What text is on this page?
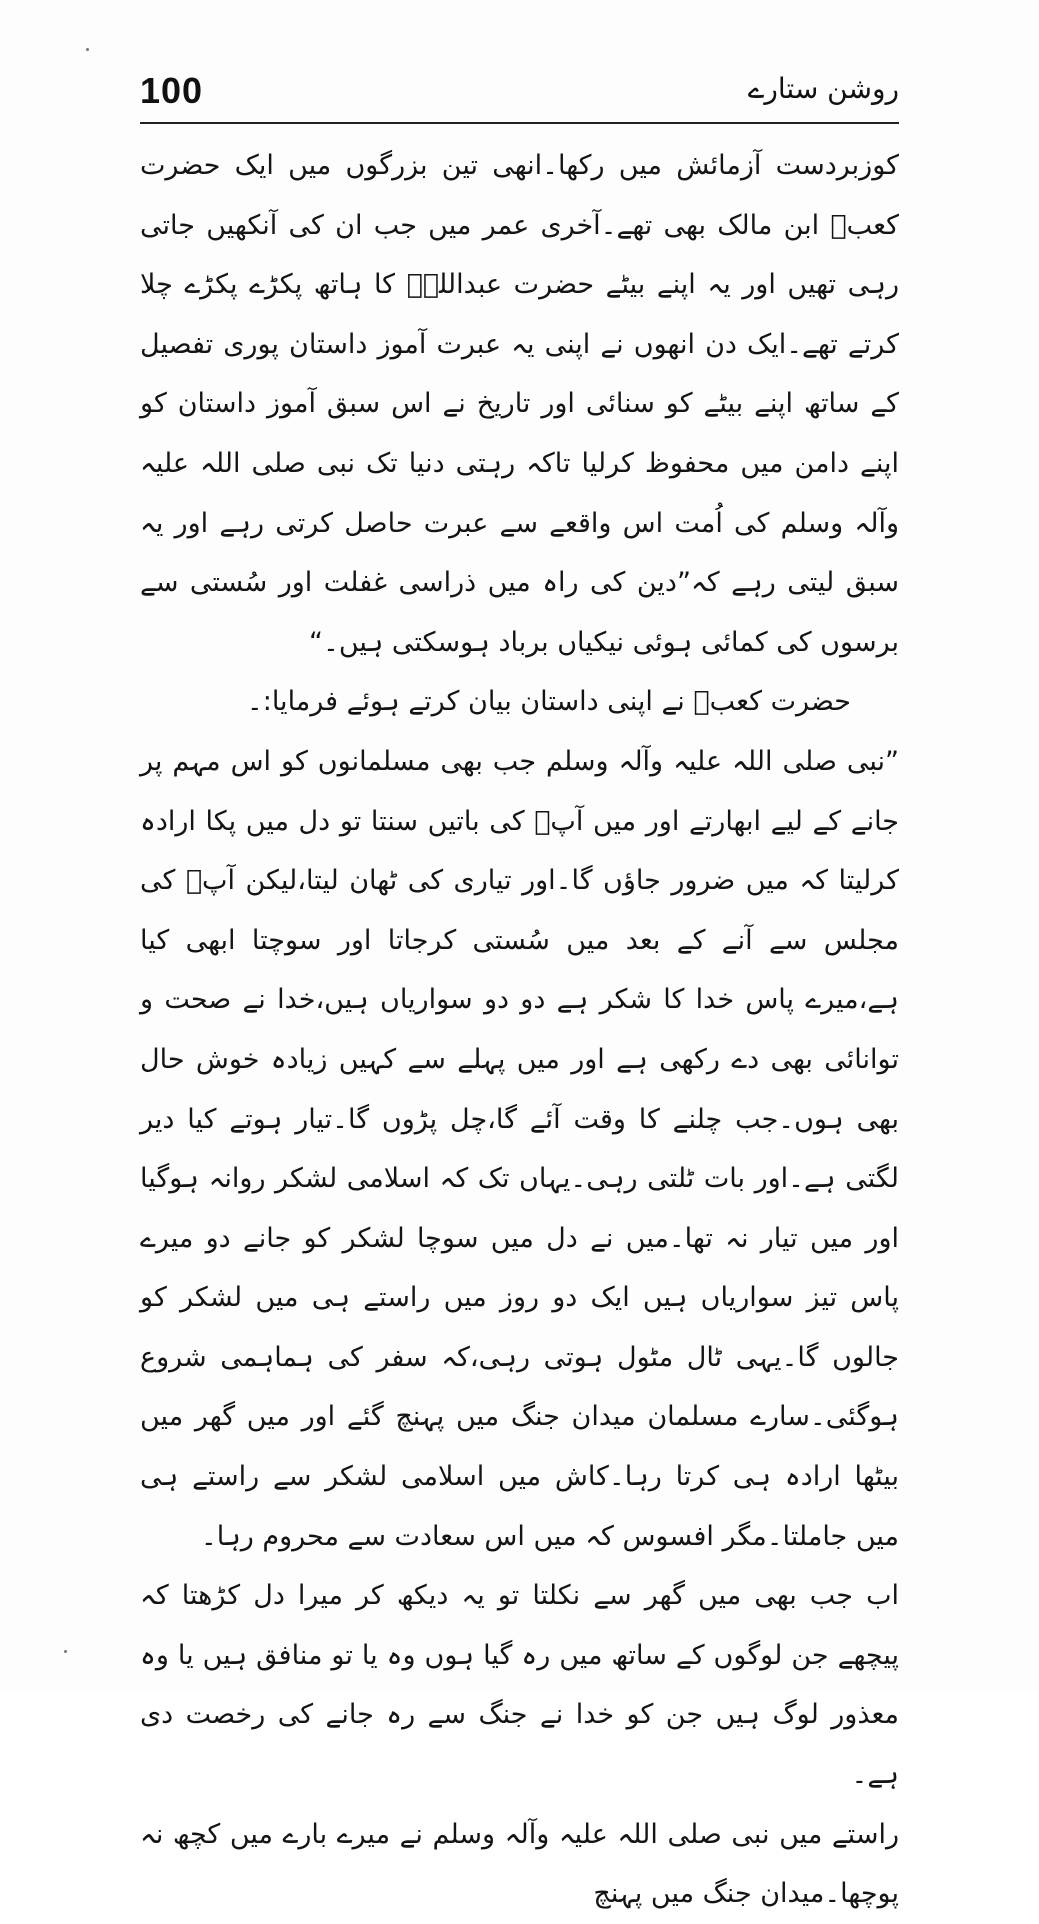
100	روشن ستارے

کوزبردست آزمائش میں رکھا۔انھی تین بزرگوں میں ایک حضرت کعبؓ ابن مالک بھی تھے۔آخری عمر میں جب ان کی آنکھیں جاتی رہی تھیں اور یہ اپنے بیٹے حضرت عبداللہؓ کا ہاتھ پکڑے پکڑے چلا کرتے تھے۔ایک دن انھوں نے اپنی یہ عبرت آموز داستان پوری تفصیل کے ساتھ اپنے بیٹے کو سنائی اور تاریخ نے اس سبق آموز داستان کو اپنے دامن میں محفوظ کرلیا تاکہ رہتی دنیا تک نبی صلی اللہ علیہ وآلہ وسلم کی اُمت اس واقعے سے عبرت حاصل کرتی رہے اور یہ سبق لیتی رہے کہ”دین کی راہ میں ذراسی غفلت اور سُستی سے برسوں کی کمائی ہوئی نیکیاں برباد ہوسکتی ہیں۔“

حضرت کعبؓ نے اپنی داستان بیان کرتے ہوئے فرمایا:۔

”نبی صلی اللہ علیہ وآلہ وسلم جب بھی مسلمانوں کو اس مہم پر جانے کے لیے ابھارتے اور میں آپؐ کی باتیں سنتا تو دل میں پکا ارادہ کرلیتا کہ میں ضرور جاؤں گا۔اور تیاری کی ٹھان لیتا،لیکن آپؐ کی مجلس سے آنے کے بعد میں سُستی کرجاتا اور سوچتا ابھی کیا ہے،میرے پاس خدا کا شکر ہے دو دو سواریاں ہیں،خدا نے صحت و توانائی بھی دے رکھی ہے اور میں پہلے سے کہیں زیادہ خوش حال بھی ہوں۔جب چلنے کا وقت آئے گا،چل پڑوں گا۔تیار ہوتے کیا دیر لگتی ہے۔اور بات ٹلتی رہی۔یہاں تک کہ اسلامی لشکر روانہ ہوگیا اور میں تیار نہ تھا۔میں نے دل میں سوچا لشکر کو جانے دو میرے پاس تیز سواریاں ہیں ایک دو روز میں راستے ہی میں لشکر کو جالوں گا۔یہی ٹال مٹول ہوتی رہی،کہ سفر کی ہماہمی شروع ہوگئی۔سارے مسلمان میدان جنگ میں پہنچ گئے اور میں گھر میں بیٹھا ارادہ ہی کرتا رہا۔کاش میں اسلامی لشکر سے راستے ہی میں جاملتا۔مگر افسوس کہ میں اس سعادت سے محروم رہا۔

اب جب بھی میں گھر سے نکلتا تو یہ دیکھ کر میرا دل کڑھتا کہ پیچھے جن لوگوں کے ساتھ میں رہ گیا ہوں وہ یا تو منافق ہیں یا وہ معذور لوگ ہیں جن کو خدا نے جنگ سے رہ جانے کی رخصت دی ہے۔

راستے میں نبی صلی اللہ علیہ وآلہ وسلم نے میرے بارے میں کچھ نہ پوچھا۔میدان جنگ میں پہنچ
